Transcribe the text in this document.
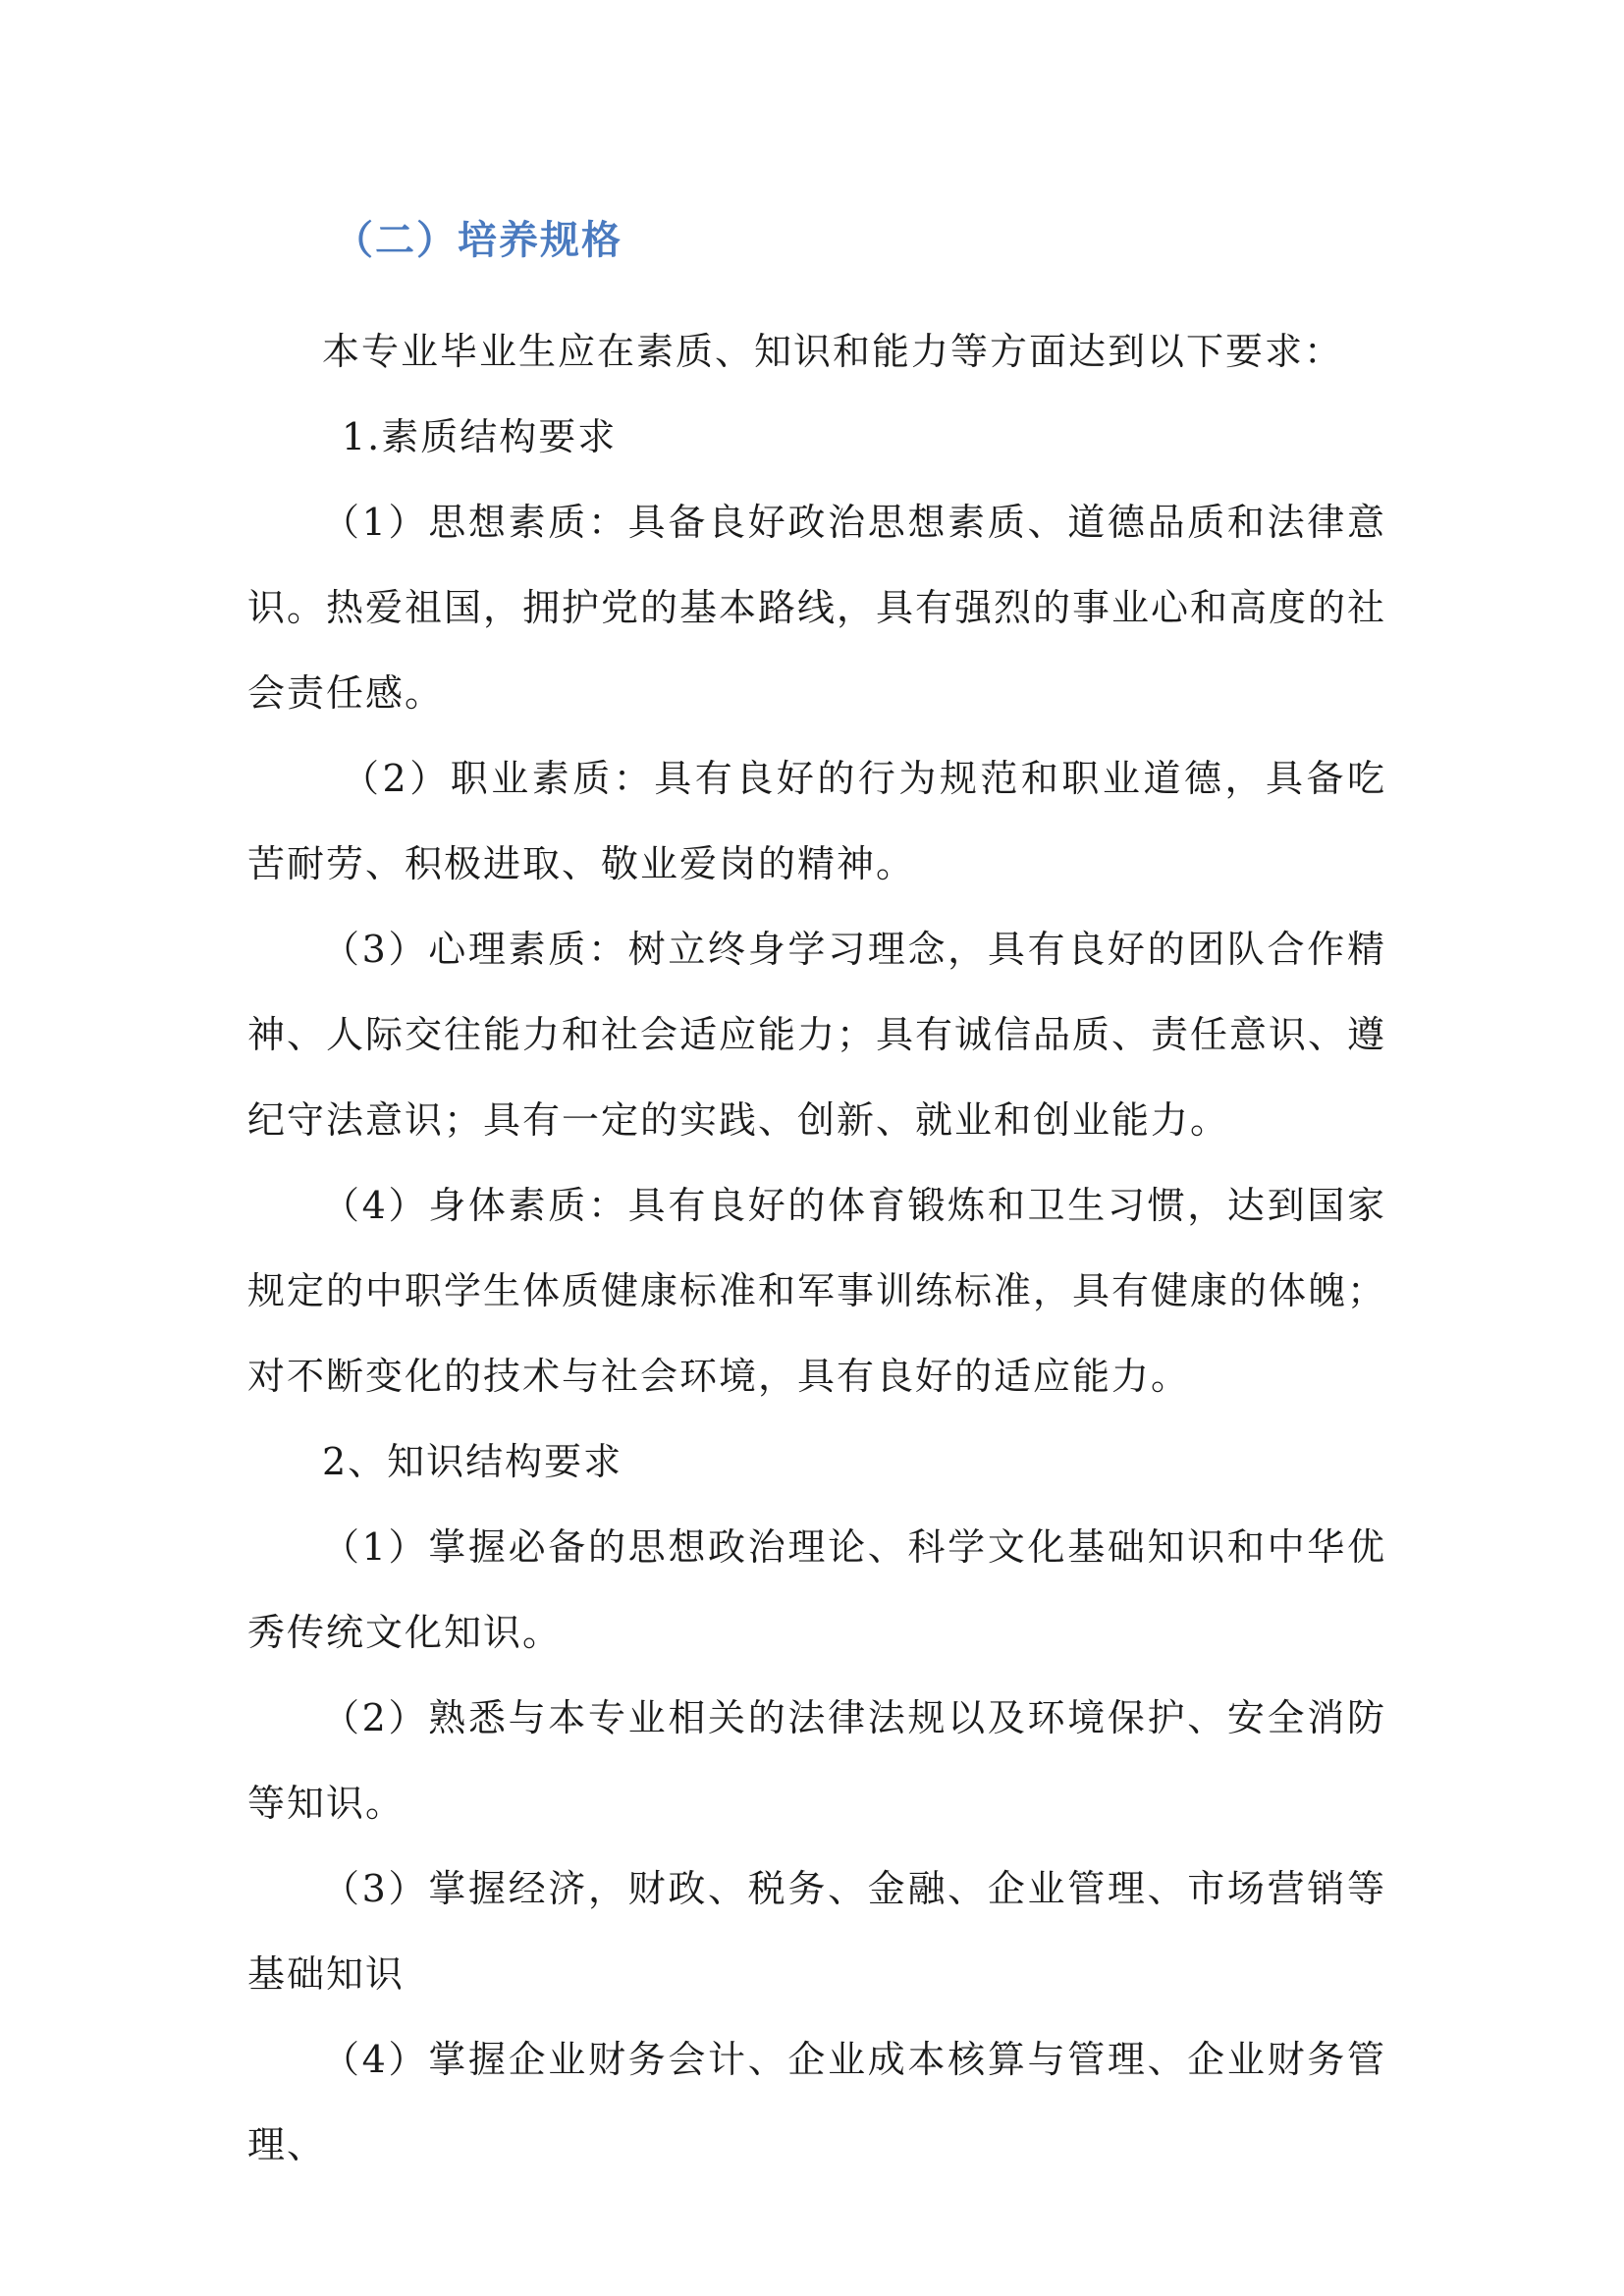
（二）培养规格

本专业毕业生应在素质、知识和能力等方面达到以下要求：

1.素质结构要求

（1）思想素质：具备良好政治思想素质、道德品质和法律意识。热爱祖国，拥护党的基本路线，具有强烈的事业心和高度的社会责任感。

（2）职业素质：具有良好的行为规范和职业道德，具备吃苦耐劳、积极进取、敬业爱岗的精神。

（3）心理素质：树立终身学习理念，具有良好的团队合作精神、人际交往能力和社会适应能力；具有诚信品质、责任意识、遵纪守法意识；具有一定的实践、创新、就业和创业能力。

（4）身体素质：具有良好的体育锻炼和卫生习惯，达到国家规定的中职学生体质健康标准和军事训练标准，具有健康的体魄；对不断变化的技术与社会环境，具有良好的适应能力。

2、知识结构要求

（1）掌握必备的思想政治理论、科学文化基础知识和中华优秀传统文化知识。

（2）熟悉与本专业相关的法律法规以及环境保护、安全消防等知识。

（3）掌握经济，财政、税务、金融、企业管理、市场营销等基础知识

（4）掌握企业财务会计、企业成本核算与管理、企业财务管理、
